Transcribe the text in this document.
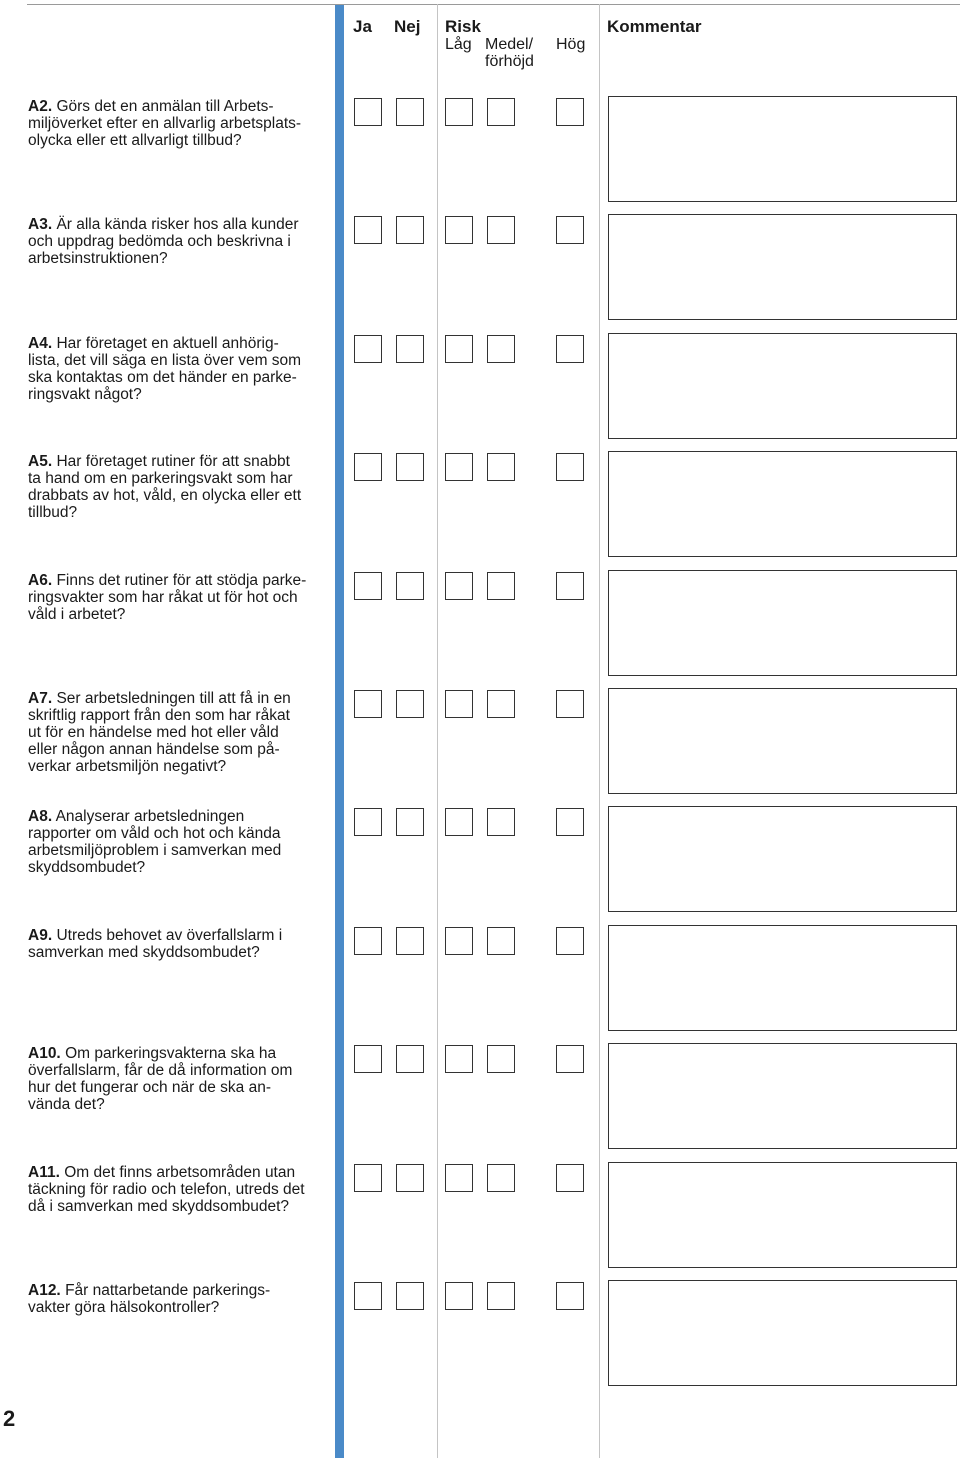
Ja Nej Risk
Låg Medel/
förhöjd
Hög
Kommentar
A2. Görs det en anmälan till Arbets-
miljöverket efter en allvarlig arbetsplats-
olycka eller ett allvarligt tillbud?
A3. Är alla kända risker hos alla kunder
och uppdrag bedömda och beskrivna i
arbetsinstruktionen?
A4. Har företaget en aktuell anhörig-
lista, det vill säga en lista över vem som
ska kontaktas om det händer en parke-
ringsvakt något?
A5. Har företaget rutiner för att snabbt
ta hand om en parkeringsvakt som har
drabbats av hot, våld, en olycka eller ett
tillbud?
A6. Finns det rutiner för att stödja parke-
ringsvakter som har råkat ut för hot och
våld i arbetet?
A7. Ser arbetsledningen till att få in en
skriftlig rapport från den som har råkat
ut för en händelse med hot eller våld
eller någon annan händelse som på-
verkar arbetsmiljön negativt?
A8. Analyserar arbetsledningen
rapporter om våld och hot och kända
arbetsmiljöproblem i samverkan med
skyddsombudet?
A9. Utreds behovet av överfallslarm i
samverkan med skyddsombudet?
A10. Om parkeringsvakterna ska ha
överfallslarm, får de då information om
hur det fungerar och när de ska an-
vända det?
A11. Om det finns arbetsområden utan
täckning för radio och telefon, utreds det
då i samverkan med skyddsombudet?
A12. Får nattarbetande parkerings-
vakter göra hälsokontroller?
2
